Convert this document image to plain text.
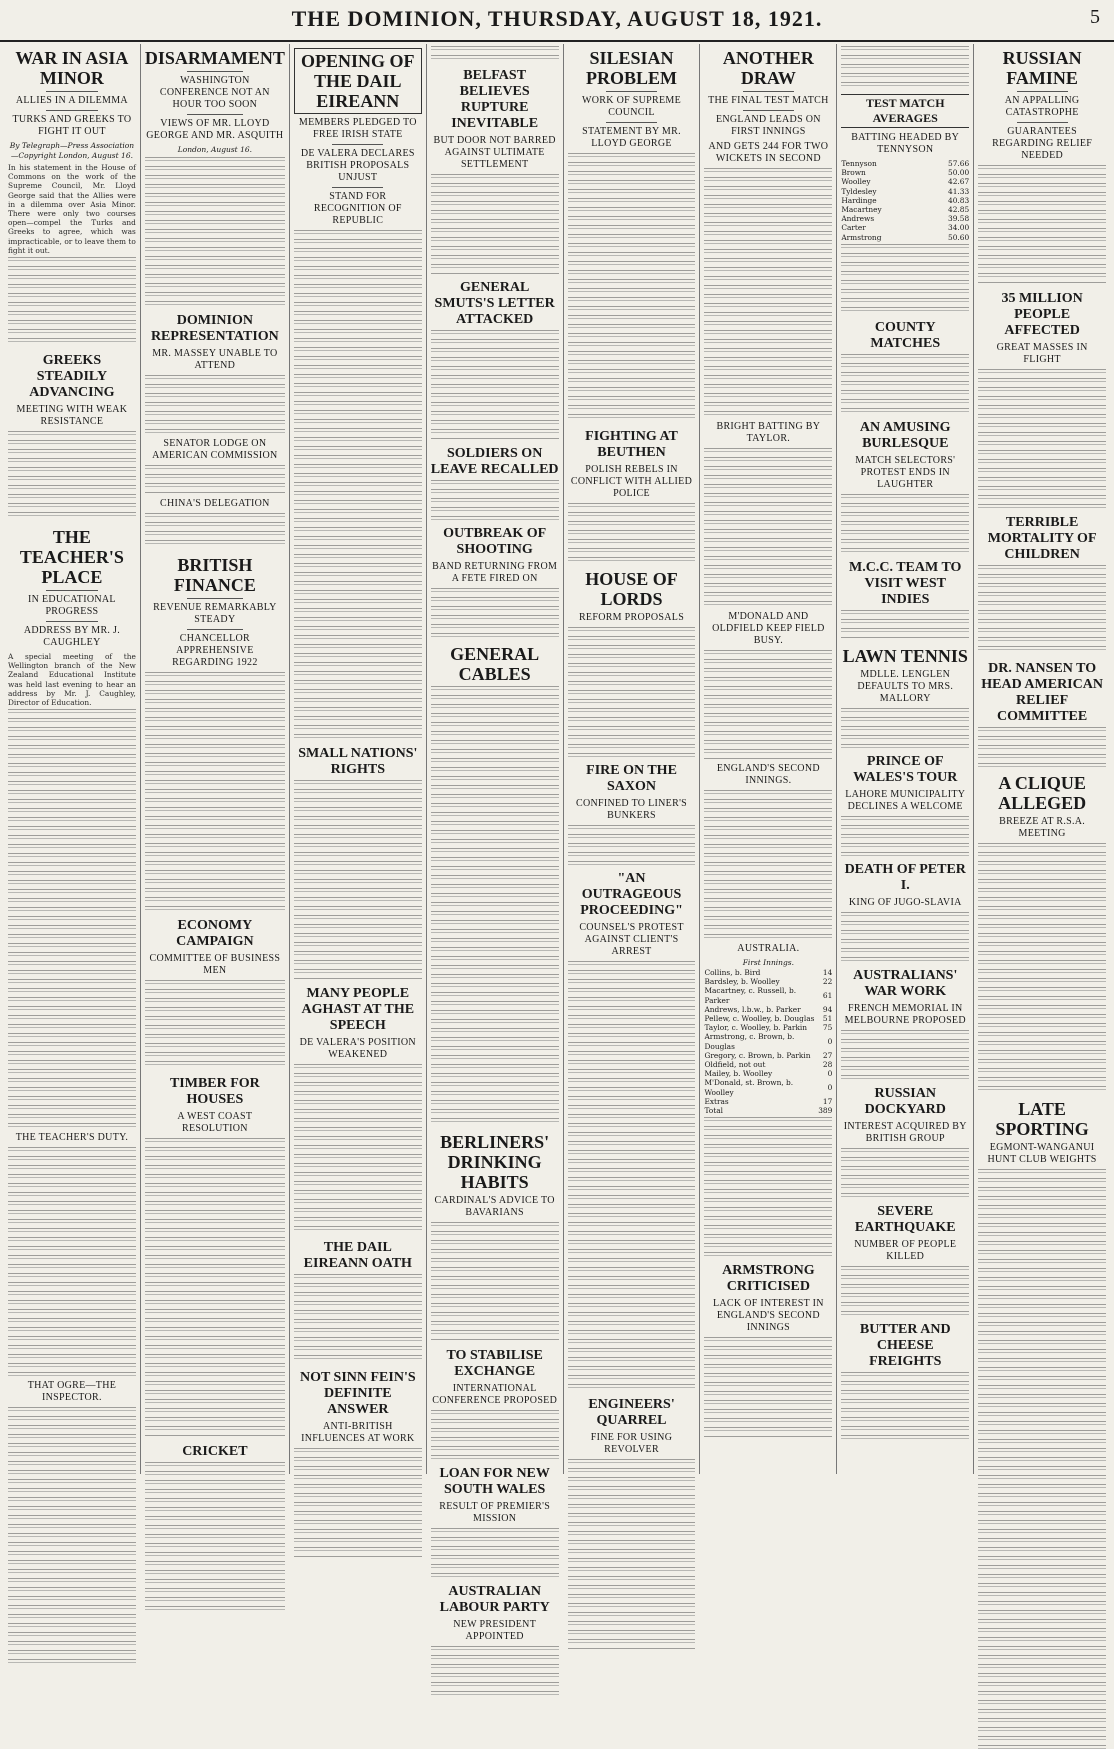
THE DOMINION, THURSDAY, AUGUST 18, 1921.	5
WAR IN ASIA MINOR
ALLIES IN A DILEMMA
TURKS AND GREEKS TO FIGHT IT OUT
By Telegraph—Press Association—Copyright London, August 16.
In his statement in the House of Commons on the work of the Supreme Council, Mr. Lloyd George said that the Allies were in a dilemma over Asia Minor. There were only two courses open—compel the Turks and Greeks to agree, which was impracticable, or to leave them to fight it out.
GREEKS STEADILY ADVANCING
MEETING WITH WEAK RESISTANCE
THE TEACHER'S PLACE
IN EDUCATIONAL PROGRESS
ADDRESS BY MR. J. CAUGHLEY
A special meeting of the Wellington branch of the New Zealand Educational Institute was held last evening to hear an address by Mr. J. Caughley, Director of Education.
THE TEACHER'S DUTY.
THAT OGRE—THE INSPECTOR.
DISARMAMENT
WASHINGTON CONFERENCE NOT AN HOUR TOO SOON
VIEWS OF MR. LLOYD GEORGE AND MR. ASQUITH
London, August 16.
DOMINION REPRESENTATION
MR. MASSEY UNABLE TO ATTEND
SENATOR LODGE ON AMERICAN COMMISSION
CHINA'S DELEGATION
BRITISH FINANCE
REVENUE REMARKABLY STEADY
CHANCELLOR APPREHENSIVE REGARDING 1922
ECONOMY CAMPAIGN
COMMITTEE OF BUSINESS MEN
TIMBER FOR HOUSES
A WEST COAST RESOLUTION
CRICKET
OPENING OF THE DAIL EIREANN
MEMBERS PLEDGED TO FREE IRISH STATE
DE VALERA DECLARES BRITISH PROPOSALS UNJUST
STAND FOR RECOGNITION OF REPUBLIC
SMALL NATIONS' RIGHTS
MANY PEOPLE AGHAST AT THE SPEECH
DE VALERA'S POSITION WEAKENED
THE DAIL EIREANN OATH
NOT SINN FEIN'S DEFINITE ANSWER
ANTI-BRITISH INFLUENCES AT WORK
BELFAST BELIEVES RUPTURE INEVITABLE
BUT DOOR NOT BARRED AGAINST ULTIMATE SETTLEMENT
GENERAL SMUTS'S LETTER ATTACKED
SOLDIERS ON LEAVE RECALLED
OUTBREAK OF SHOOTING
BAND RETURNING FROM A FETE FIRED ON
GENERAL CABLES
BERLINERS' DRINKING HABITS
CARDINAL'S ADVICE TO BAVARIANS
TO STABILISE EXCHANGE
INTERNATIONAL CONFERENCE PROPOSED
LOAN FOR NEW SOUTH WALES
RESULT OF PREMIER'S MISSION
AUSTRALIAN LABOUR PARTY
NEW PRESIDENT APPOINTED
SILESIAN PROBLEM
WORK OF SUPREME COUNCIL
STATEMENT BY MR. LLOYD GEORGE
FIGHTING AT BEUTHEN
POLISH REBELS IN CONFLICT WITH ALLIED POLICE
HOUSE OF LORDS
REFORM PROPOSALS
FIRE ON THE SAXON
CONFINED TO LINER'S BUNKERS
"AN OUTRAGEOUS PROCEEDING"
COUNSEL'S PROTEST AGAINST CLIENT'S ARREST
ENGINEERS' QUARREL
FINE FOR USING REVOLVER
ANOTHER DRAW
THE FINAL TEST MATCH
ENGLAND LEADS ON FIRST INNINGS
AND GETS 244 FOR TWO WICKETS IN SECOND
BRIGHT BATTING BY TAYLOR.
M'DONALD AND OLDFIELD KEEP FIELD BUSY.
ENGLAND'S SECOND INNINGS.
AUSTRALIA.
First Innings.
Collins, b. Bird	14
Bardsley, b. Woolley	22
Macartney, c. Russell, b. Parker	61
Andrews, l.b.w., b. Parker	94
Pellew, c. Woolley, b. Douglas	51
Taylor, c. Woolley, b. Parkin	75
Armstrong, c. Brown, b. Douglas	0
Gregory, c. Brown, b. Parkin	27
Oldfield, not out	28
Mailey, b. Woolley	0
M'Donald, st. Brown, b. Woolley	0
Extras	17
Total	389
ARMSTRONG CRITICISED
LACK OF INTEREST IN ENGLAND'S SECOND INNINGS
TEST MATCH AVERAGES
BATTING HEADED BY TENNYSON
Tennyson	57.66
Brown	50.00
Woolley	42.67
Tyldesley	41.33
Hardinge	40.83
Macartney	42.85
Andrews	39.58
Carter	34.00
Armstrong	50.60
COUNTY MATCHES
AN AMUSING BURLESQUE
MATCH SELECTORS' PROTEST ENDS IN LAUGHTER
M.C.C. TEAM TO VISIT WEST INDIES
LAWN TENNIS
MDLLE. LENGLEN DEFAULTS TO MRS. MALLORY
PRINCE OF WALES'S TOUR
LAHORE MUNICIPALITY DECLINES A WELCOME
DEATH OF PETER I.
KING OF JUGO-SLAVIA
AUSTRALIANS' WAR WORK
FRENCH MEMORIAL IN MELBOURNE PROPOSED
RUSSIAN DOCKYARD
INTEREST ACQUIRED BY BRITISH GROUP
SEVERE EARTHQUAKE
NUMBER OF PEOPLE KILLED
BUTTER AND CHEESE FREIGHTS
RUSSIAN FAMINE
AN APPALLING CATASTROPHE
GUARANTEES REGARDING RELIEF NEEDED
35 MILLION PEOPLE AFFECTED
GREAT MASSES IN FLIGHT
TERRIBLE MORTALITY OF CHILDREN
DR. NANSEN TO HEAD AMERICAN RELIEF COMMITTEE
A CLIQUE ALLEGED
BREEZE AT R.S.A. MEETING
LATE SPORTING
EGMONT-WANGANUI HUNT CLUB WEIGHTS
